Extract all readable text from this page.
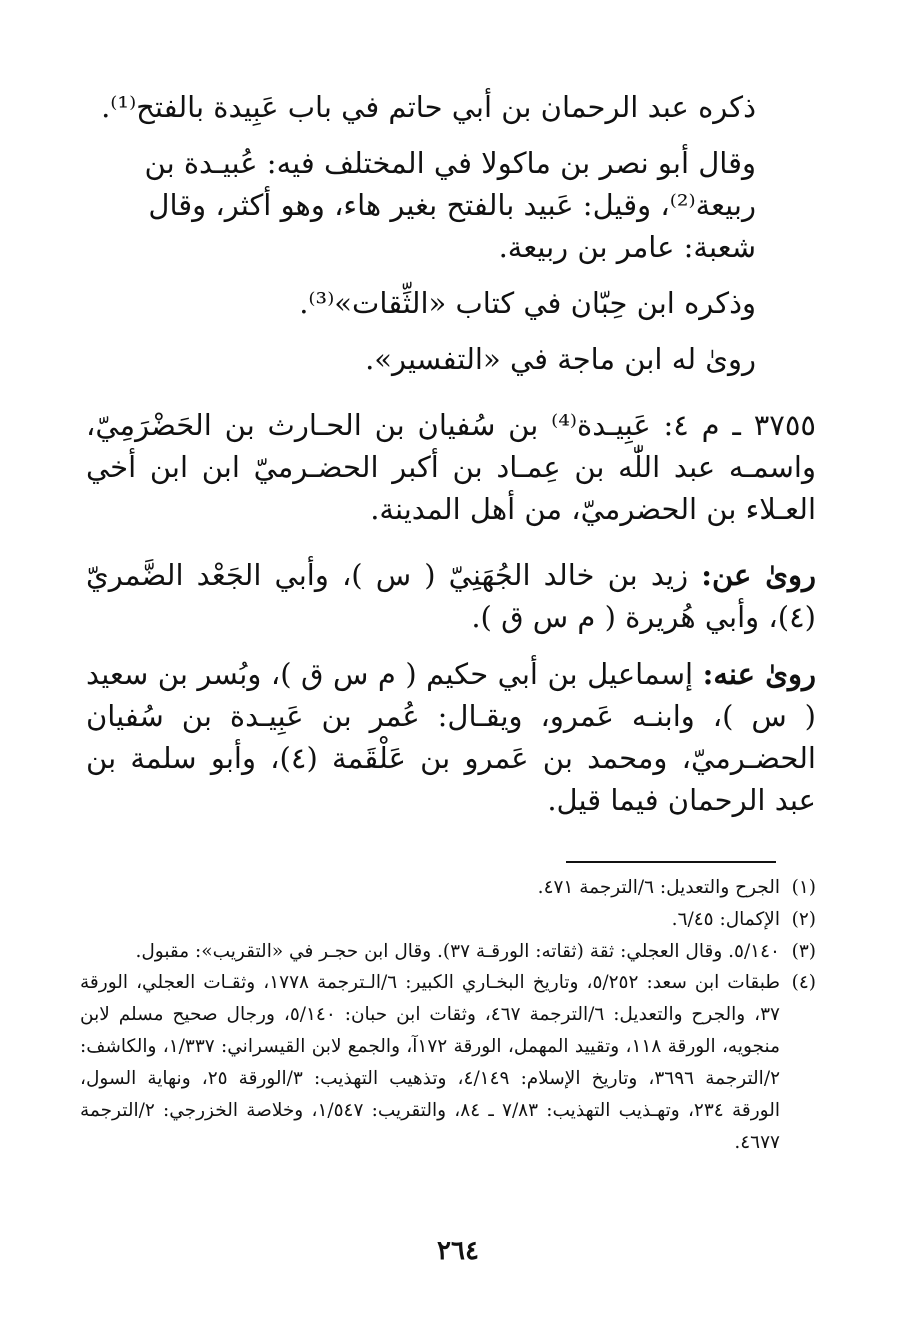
ذكره عبد الرحمان بن أبي حاتم في باب عَبِيدة بالفتح⁽¹⁾.

وقال أبو نصر بن ماكولا في المختلف فيه: عُبيـدة بن ربيعة⁽²⁾، وقيل: عَبيد بالفتح بغير هاء، وهو أكثر، وقال شعبة: عامر بن ربيعة.

وذكره ابن حِبّان في كتاب «الثِّقات»⁽³⁾.

روىٰ له ابن ماجة في «التفسير».

٣٧٥٥ ـ م ٤: عَبِيـدة⁽⁴⁾ بن سُفيان بن الحـارث بن الحَضْرَمِيّ، واسمـه عبد اللّٰه بن عِمـاد بن أكبر الحضـرميّ ابن ابن أخي العـلاء بن الحضرميّ، من أهل المدينة.

روىٰ عن: زيد بن خالد الجُهَنِيّ ( س )، وأبي الجَعْد الضَّمريّ (٤)، وأبي هُريرة ( م س ق ).

روىٰ عنه: إسماعيل بن أبي حكيم ( م س ق )، وبُسر بن سعيد ( س )، وابنـه عَمرو، ويقـال: عُمر بن عَبِيـدة بن سُفيان الحضـرميّ، ومحمد بن عَمرو بن عَلْقَمة (٤)، وأبو سلمة بن عبد الرحمان فيما قيل.

(١)
الجرح والتعديل: ٦/الترجمة ٤٧١.
(٢)
الإكمال: ٦/٤٥.
(٣)
٥/١٤٠. وقال العجلي: ثقة (ثقاته: الورقـة ٣٧). وقال ابن حجـر في «التقريب»: مقبول.
(٤)
طبقات ابن سعد: ٥/٢٥٢، وتاريخ البخـاري الكبير: ٦/الـترجمة ١٧٧٨، وثقـات العجلي، الورقة ٣٧، والجرح والتعديل: ٦/الترجمة ٤٦٧، وثقات ابن حبان: ٥/١٤٠، ورجال صحيح مسلم لابن منجويه، الورقة ١١٨، وتقييد المهمل، الورقة ١٧٢آ، والجمع لابن القيسراني: ١/٣٣٧، والكاشف: ٢/الترجمة ٣٦٩٦، وتاريخ الإسلام: ٤/١٤٩، وتذهيب التهذيب: ٣/الورقة ٢٥، ونهاية السول، الورقة ٢٣٤، وتهـذيب التهذيب: ٧/٨٣ ـ ٨٤، والتقريب: ١/٥٤٧، وخلاصة الخزرجي: ٢/الترجمة ٤٦٧٧.
٢٦٤
